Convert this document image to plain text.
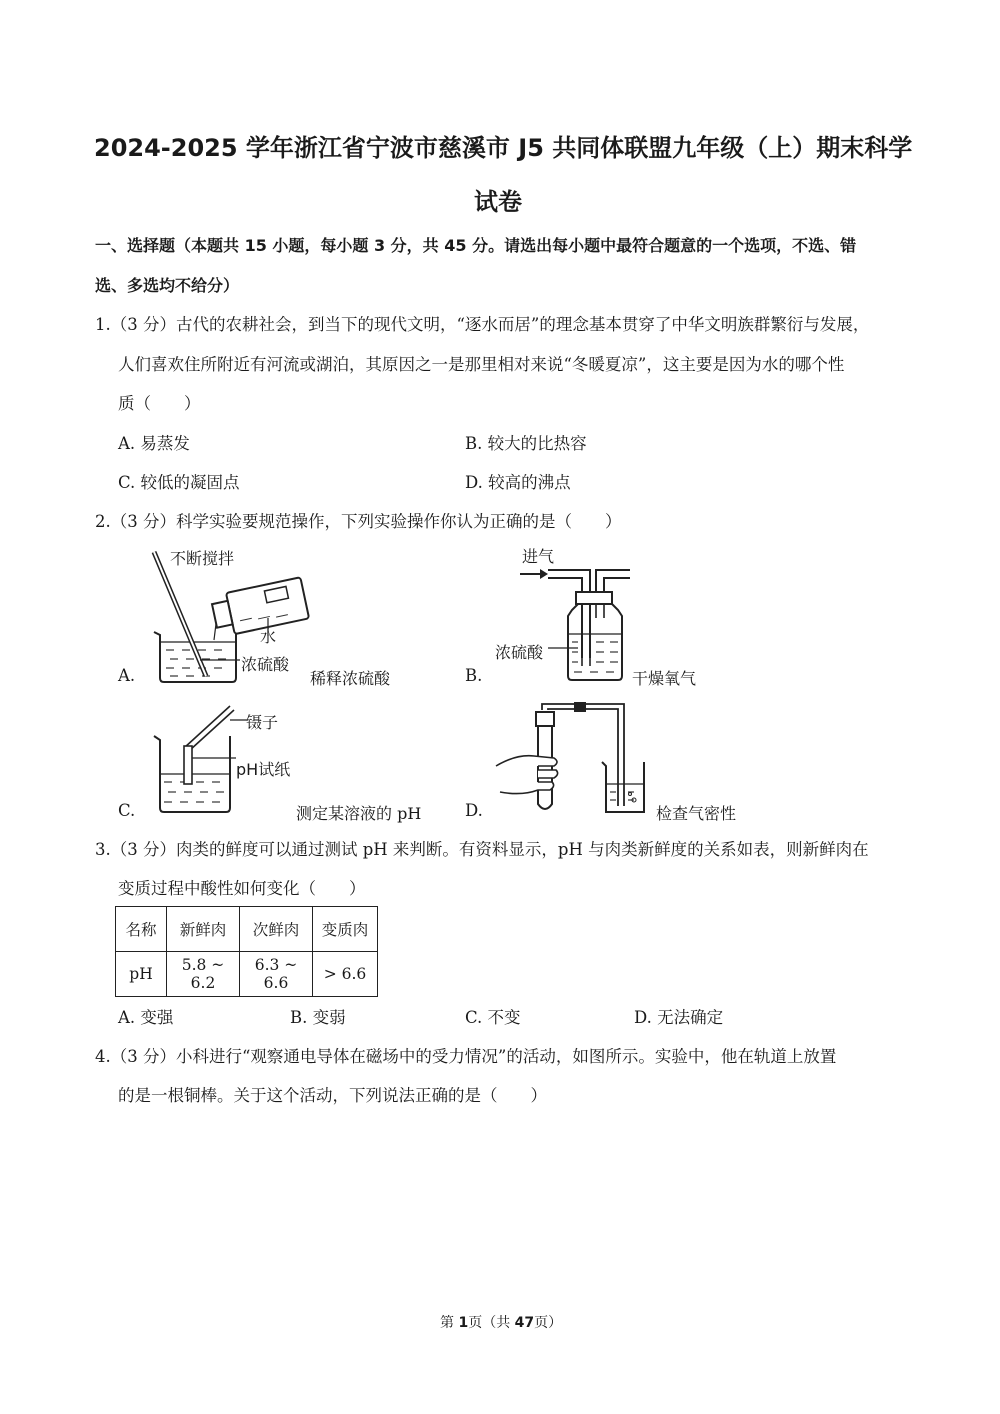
2024-2025 学年浙江省宁波市慈溪市 J5 共同体联盟九年级（上）期末科学
试卷
一、选择题（本题共 15 小题，每小题 3 分，共 45 分。请选出每小题中最符合题意的一个选项，不选、错
选、多选均不给分）
1.（3 分）古代的农耕社会，到当下的现代文明，“逐水而居”的理念基本贯穿了中华文明族群繁衍与发展，
人们喜欢住所附近有河流或湖泊，其原因之一是那里相对来说“冬暖夏凉”，这主要是因为水的哪个性
质（　　）
A. 易蒸发	B. 较大的比热容
C. 较低的凝固点	D. 较高的沸点
2.（3 分）科学实验要规范操作，下列实验操作你认为正确的是（　　）
不断搅拌
水
浓硫酸
A.	稀释浓硫酸
进气
浓硫酸
B.	干燥氧气
镊子
pH试纸
C.	测定某溶液的 pH	D.	检查气密性
3.（3 分）肉类的鲜度可以通过测试 pH 来判断。有资料显示，pH 与肉类新鲜度的关系如表，则新鲜肉在
变质过程中酸性如何变化（　　）
名称	新鲜肉	次鲜肉	变质肉
pH	5.8 ~ 6.2	6.3 ~ 6.6	> 6.6
A. 变强	B. 变弱	C. 不变	D. 无法确定
4.（3 分）小科进行“观察通电导体在磁场中的受力情况”的活动，如图所示。实验中，他在轨道上放置
的是一根铜棒。关于这个活动，下列说法正确的是（　　）
第 1页（共 47页）
